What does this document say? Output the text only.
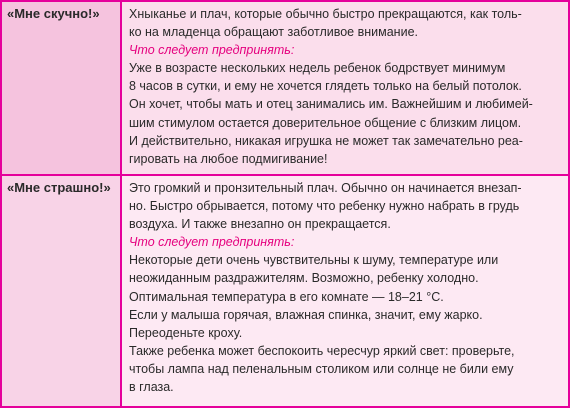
«Мне скучно!»	Хныканье и плач, которые обычно быстро прекращаются, как толь-
ко на младенца обращают заботливое внимание.
Что следует предпринять:
Уже в возрасте нескольких недель ребенок бодрствует минимум
8 часов в сутки, и ему не хочется глядеть только на белый потолок.
Он хочет, чтобы мать и отец занимались им. Важнейшим и любимей-
шим стимулом остается доверительное общение с близким лицом.
И действительно, никакая игрушка не может так замечательно реа-
гировать на любое подмигивание!
«Мне страшно!»	Это громкий и пронзительный плач. Обычно он начинается внезап-
но. Быстро обрывается, потому что ребенку нужно набрать в грудь
воздуха. И также внезапно он прекращается.
Что следует предпринять:
Некоторые дети очень чувствительны к шуму, температуре или
неожиданным раздражителям. Возможно, ребенку холодно.
Оптимальная температура в его комнате — 18–21 °С.
Если у малыша горячая, влажная спинка, значит, ему жарко.
Переоденьте кроху.
Также ребенка может беспокоить чересчур яркий свет: проверьте,
чтобы лампа над пеленальным столиком или солнце не били ему
в глаза.
